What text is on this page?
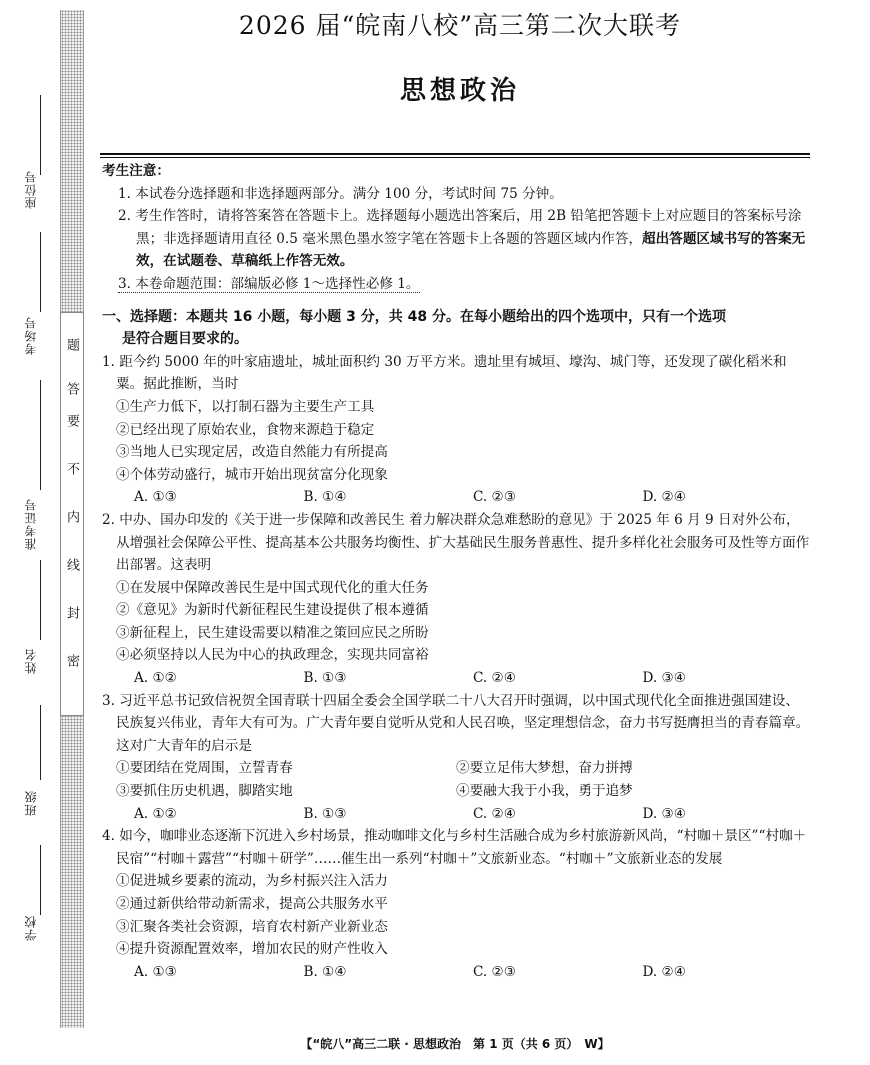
密
封
线
内
不
要
答
题
座位号
考场号
准考证号
姓名
班级
学校
2026 届“皖南八校”高三第二次大联考
思想政治
考生注意：
1. 本试卷分选择题和非选择题两部分。满分 100 分，考试时间 75 分钟。
2. 考生作答时，请将答案答在答题卡上。选择题每小题选出答案后，用 2B 铅笔把答题卡上对应题目的答案标号涂黑；非选择题请用直径 0.5 毫米黑色墨水签字笔在答题卡上各题的答题区域内作答，超出答题区域书写的答案无效，在试题卷、草稿纸上作答无效。
3. 本卷命题范围：部编版必修 1～选择性必修 1。
一、选择题：本题共 16 小题，每小题 3 分，共 48 分。在每小题给出的四个选项中，只有一个选项
是符合题目要求的。
1. 距今约 5000 年的叶家庙遗址，城址面积约 30 万平方米。遗址里有城垣、壕沟、城门等，还发现了碳化稻米和粟。据此推断，当时
①生产力低下，以打制石器为主要生产工具
②已经出现了原始农业，食物来源趋于稳定
③当地人已实现定居，改造自然能力有所提高
④个体劳动盛行，城市开始出现贫富分化现象
A. ①③	B. ①④	C. ②③	D. ②④
2. 中办、国办印发的《关于进一步保障和改善民生 着力解决群众急难愁盼的意见》于 2025 年 6 月 9 日对外公布，从增强社会保障公平性、提高基本公共服务均衡性、扩大基础民生服务普惠性、提升多样化社会服务可及性等方面作出部署。这表明
①在发展中保障改善民生是中国式现代化的重大任务
②《意见》为新时代新征程民生建设提供了根本遵循
③新征程上，民生建设需要以精准之策回应民之所盼
④必须坚持以人民为中心的执政理念，实现共同富裕
A. ①②	B. ①③	C. ②④	D. ③④
3. 习近平总书记致信祝贺全国青联十四届全委会全国学联二十八大召开时强调，以中国式现代化全面推进强国建设、民族复兴伟业，青年大有可为。广大青年要自觉听从党和人民召唤，坚定理想信念，奋力书写挺膺担当的青春篇章。这对广大青年的启示是
①要团结在党周围，立誓青春	②要立足伟大梦想，奋力拼搏
③要抓住历史机遇，脚踏实地	④要融大我于小我，勇于追梦
A. ①②	B. ①③	C. ②④	D. ③④
4. 如今，咖啡业态逐渐下沉进入乡村场景，推动咖啡文化与乡村生活融合成为乡村旅游新风尚，“村咖＋景区”“村咖＋民宿”“村咖＋露营”“村咖＋研学”……催生出一系列“村咖＋”文旅新业态。“村咖＋”文旅新业态的发展
①促进城乡要素的流动，为乡村振兴注入活力
②通过新供给带动新需求，提高公共服务水平
③汇聚各类社会资源，培育农村新产业新业态
④提升资源配置效率，增加农民的财产性收入
A. ①③	B. ①④	C. ②③	D. ②④
【“皖八”高三二联 · 思想政治　第 1 页（共 6 页）　W】
